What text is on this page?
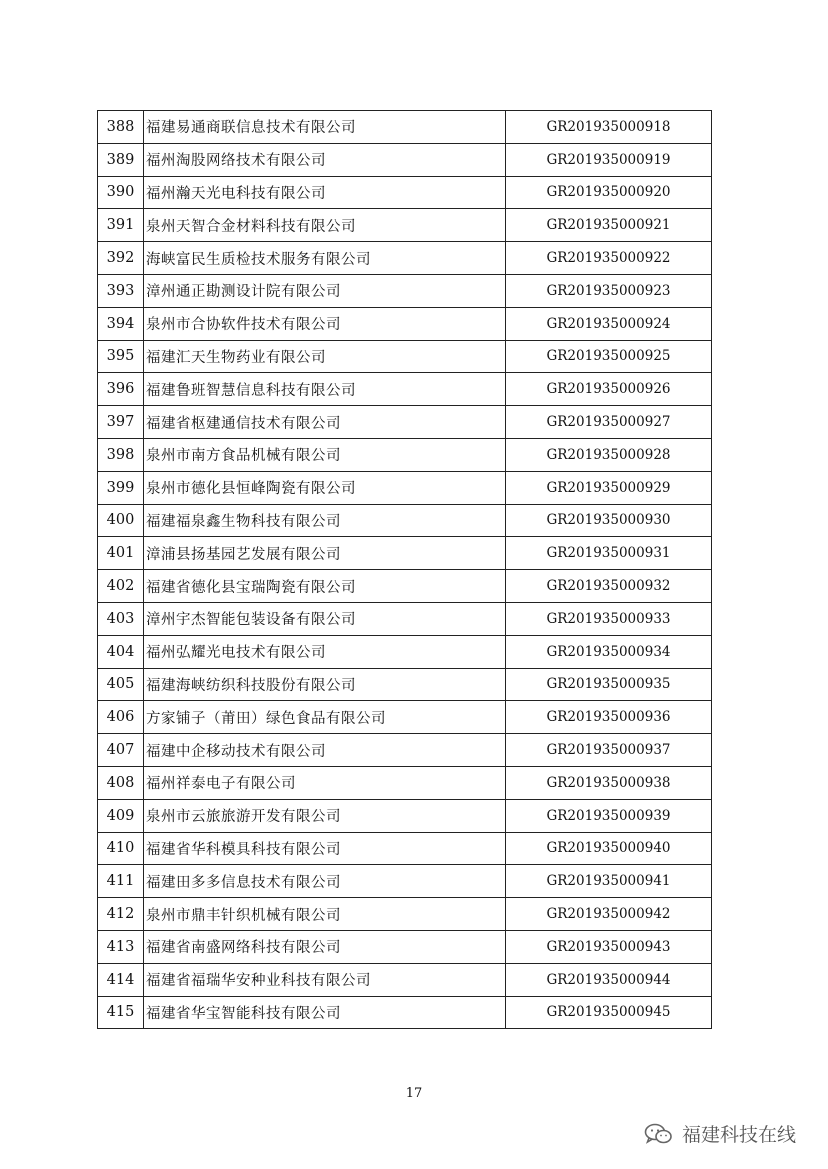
388	福建易通商联信息技术有限公司	GR201935000918
389	福州淘股网络技术有限公司	GR201935000919
390	福州瀚天光电科技有限公司	GR201935000920
391	泉州天智合金材料科技有限公司	GR201935000921
392	海峡富民生质检技术服务有限公司	GR201935000922
393	漳州通正勘测设计院有限公司	GR201935000923
394	泉州市合协软件技术有限公司	GR201935000924
395	福建汇天生物药业有限公司	GR201935000925
396	福建鲁班智慧信息科技有限公司	GR201935000926
397	福建省枢建通信技术有限公司	GR201935000927
398	泉州市南方食品机械有限公司	GR201935000928
399	泉州市德化县恒峰陶瓷有限公司	GR201935000929
400	福建福泉鑫生物科技有限公司	GR201935000930
401	漳浦县扬基园艺发展有限公司	GR201935000931
402	福建省德化县宝瑞陶瓷有限公司	GR201935000932
403	漳州宇杰智能包装设备有限公司	GR201935000933
404	福州弘耀光电技术有限公司	GR201935000934
405	福建海峡纺织科技股份有限公司	GR201935000935
406	方家铺子（莆田）绿色食品有限公司	GR201935000936
407	福建中企移动技术有限公司	GR201935000937
408	福州祥泰电子有限公司	GR201935000938
409	泉州市云旅旅游开发有限公司	GR201935000939
410	福建省华科模具科技有限公司	GR201935000940
411	福建田多多信息技术有限公司	GR201935000941
412	泉州市鼎丰针织机械有限公司	GR201935000942
413	福建省南盛网络科技有限公司	GR201935000943
414	福建省福瑞华安种业科技有限公司	GR201935000944
415	福建省华宝智能科技有限公司	GR201935000945
17
福建科技在线
